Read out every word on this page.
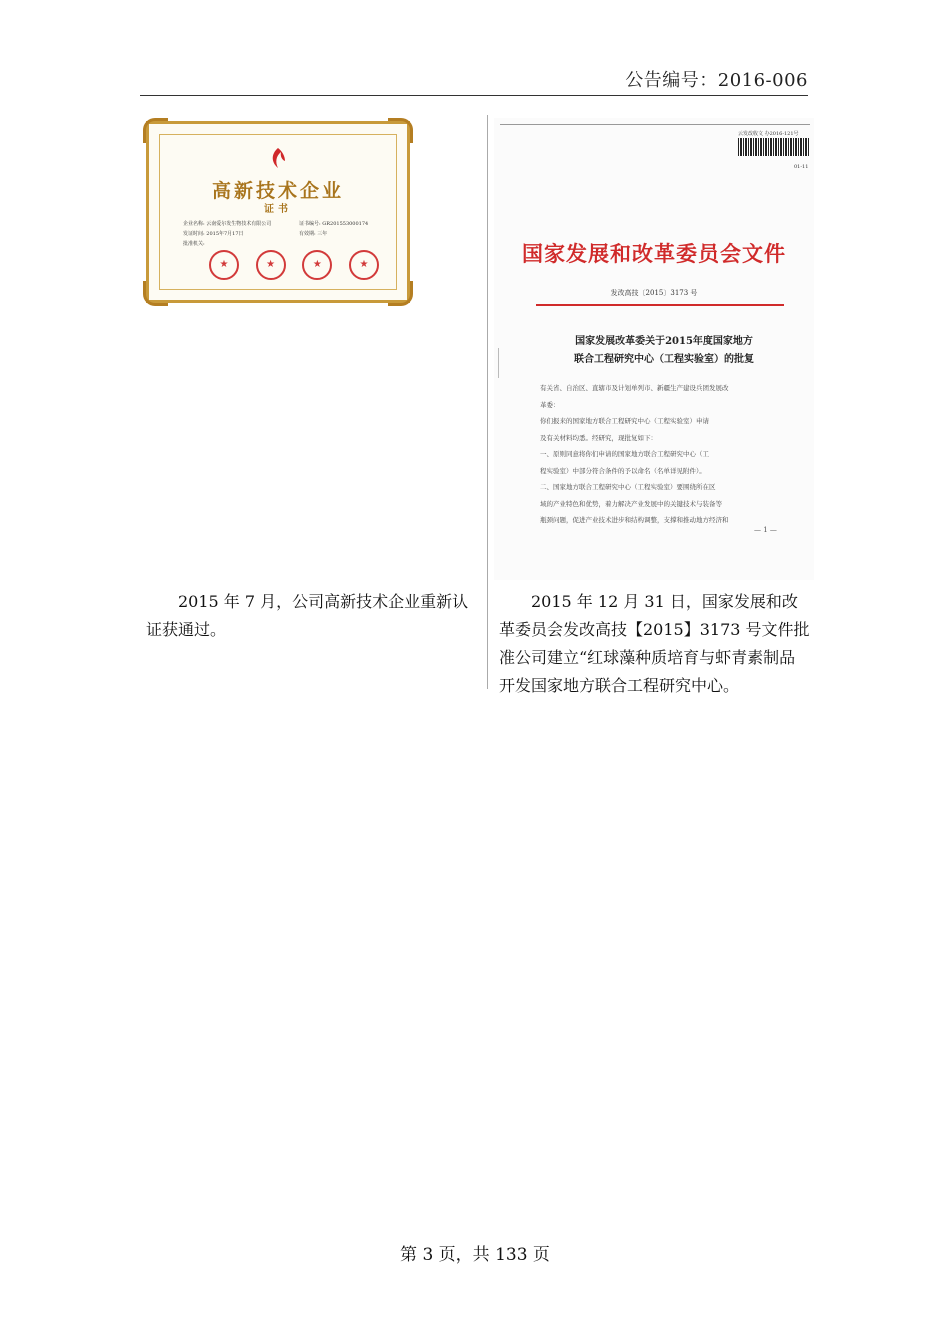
公告编号：2016-006
高新技术企业
证书
企业名称: 云南爱尔发生物技术有限公司	证书编号: GR201553000174
发证时间: 2015年7月17日	有效期: 三年
批准机关:
★
★
★
★
云发改收文 办2016-121号
01-11
国家发展和改革委员会文件
发改高技〔2015〕3173 号
国家发展改革委关于2015年度国家地方
联合工程研究中心（工程实验室）的批复
有关省、自治区、直辖市及计划单列市、新疆生产建设兵团发展改
革委：
你们报来的国家地方联合工程研究中心（工程实验室）申请
及有关材料均悉。经研究，现批复如下：
一、原则同意将你们申请的国家地方联合工程研究中心（工
程实验室）中部分符合条件的予以命名（名单详见附件）。
二、国家地方联合工程研究中心（工程实验室）要围绕所在区
域的产业特色和优势，着力解决产业发展中的关键技术与装备等
瓶颈问题，促进产业技术进步和结构调整，支撑和推动地方经济和
— 1 —

2015 年 7 月，公司高新技术企业重新认证获通过。

2015 年 12 月 31 日，国家发展和改革委员会发改高技【2015】3173 号文件批准公司建立“红球藻种质培育与虾青素制品开发国家地方联合工程研究中心。

第 3 页，共 133 页
